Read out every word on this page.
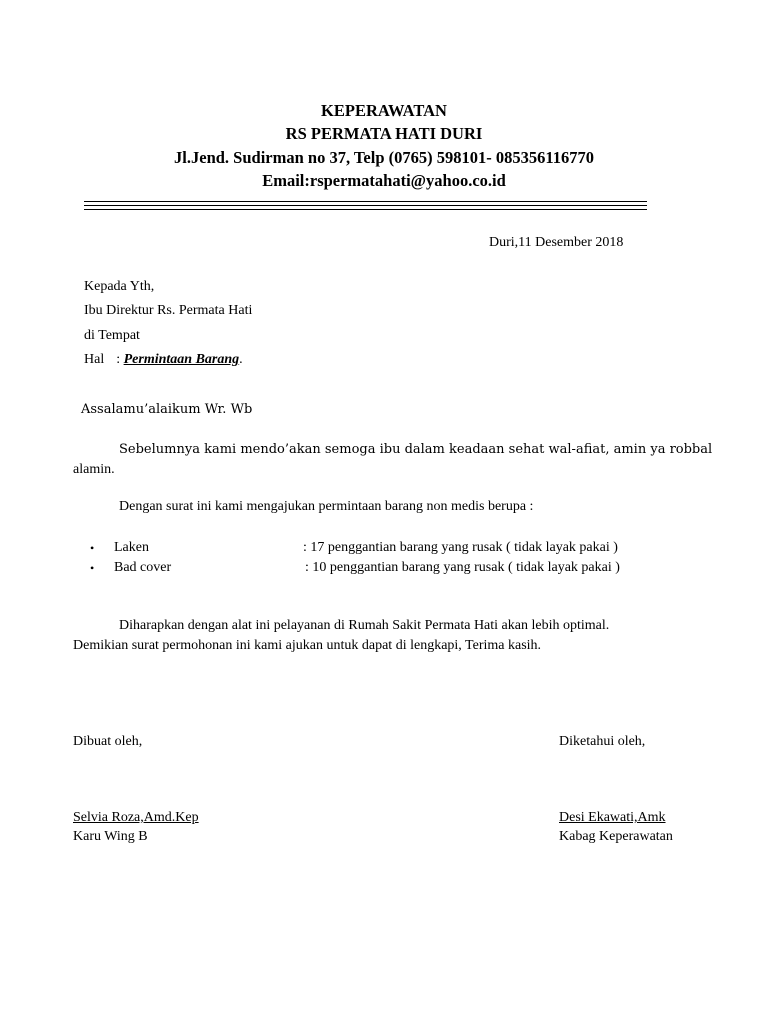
KEPERAWATAN
RS PERMATA HATI DURI
Jl.Jend. Sudirman no 37, Telp (0765) 598101- 085356116770
Email:rspermatahati@yahoo.co.id
Duri,11 Desember 2018
Kepada Yth,
Ibu Direktur Rs. Permata Hati
di Tempat
Hal : Permintaan Barang.
Assalamu’alaikum Wr. Wb
Sebelumnya kami mendo’akan semoga ibu dalam keadaan sehat wal-afiat, amin ya robbal
alamin.
Dengan surat ini kami mengajukan permintaan barang non medis berupa :
• Laken	: 17 penggantian barang yang rusak ( tidak layak pakai )
• Bad cover	: 10 penggantian barang yang rusak ( tidak layak pakai )
Diharapkan dengan alat ini pelayanan di Rumah Sakit Permata Hati akan lebih optimal.
Demikian surat permohonan ini kami ajukan untuk dapat di lengkapi, Terima kasih.
Dibuat oleh,	Diketahui oleh,
Selvia Roza,Amd.Kep
Karu Wing B
Desi Ekawati,Amk
Kabag Keperawatan
